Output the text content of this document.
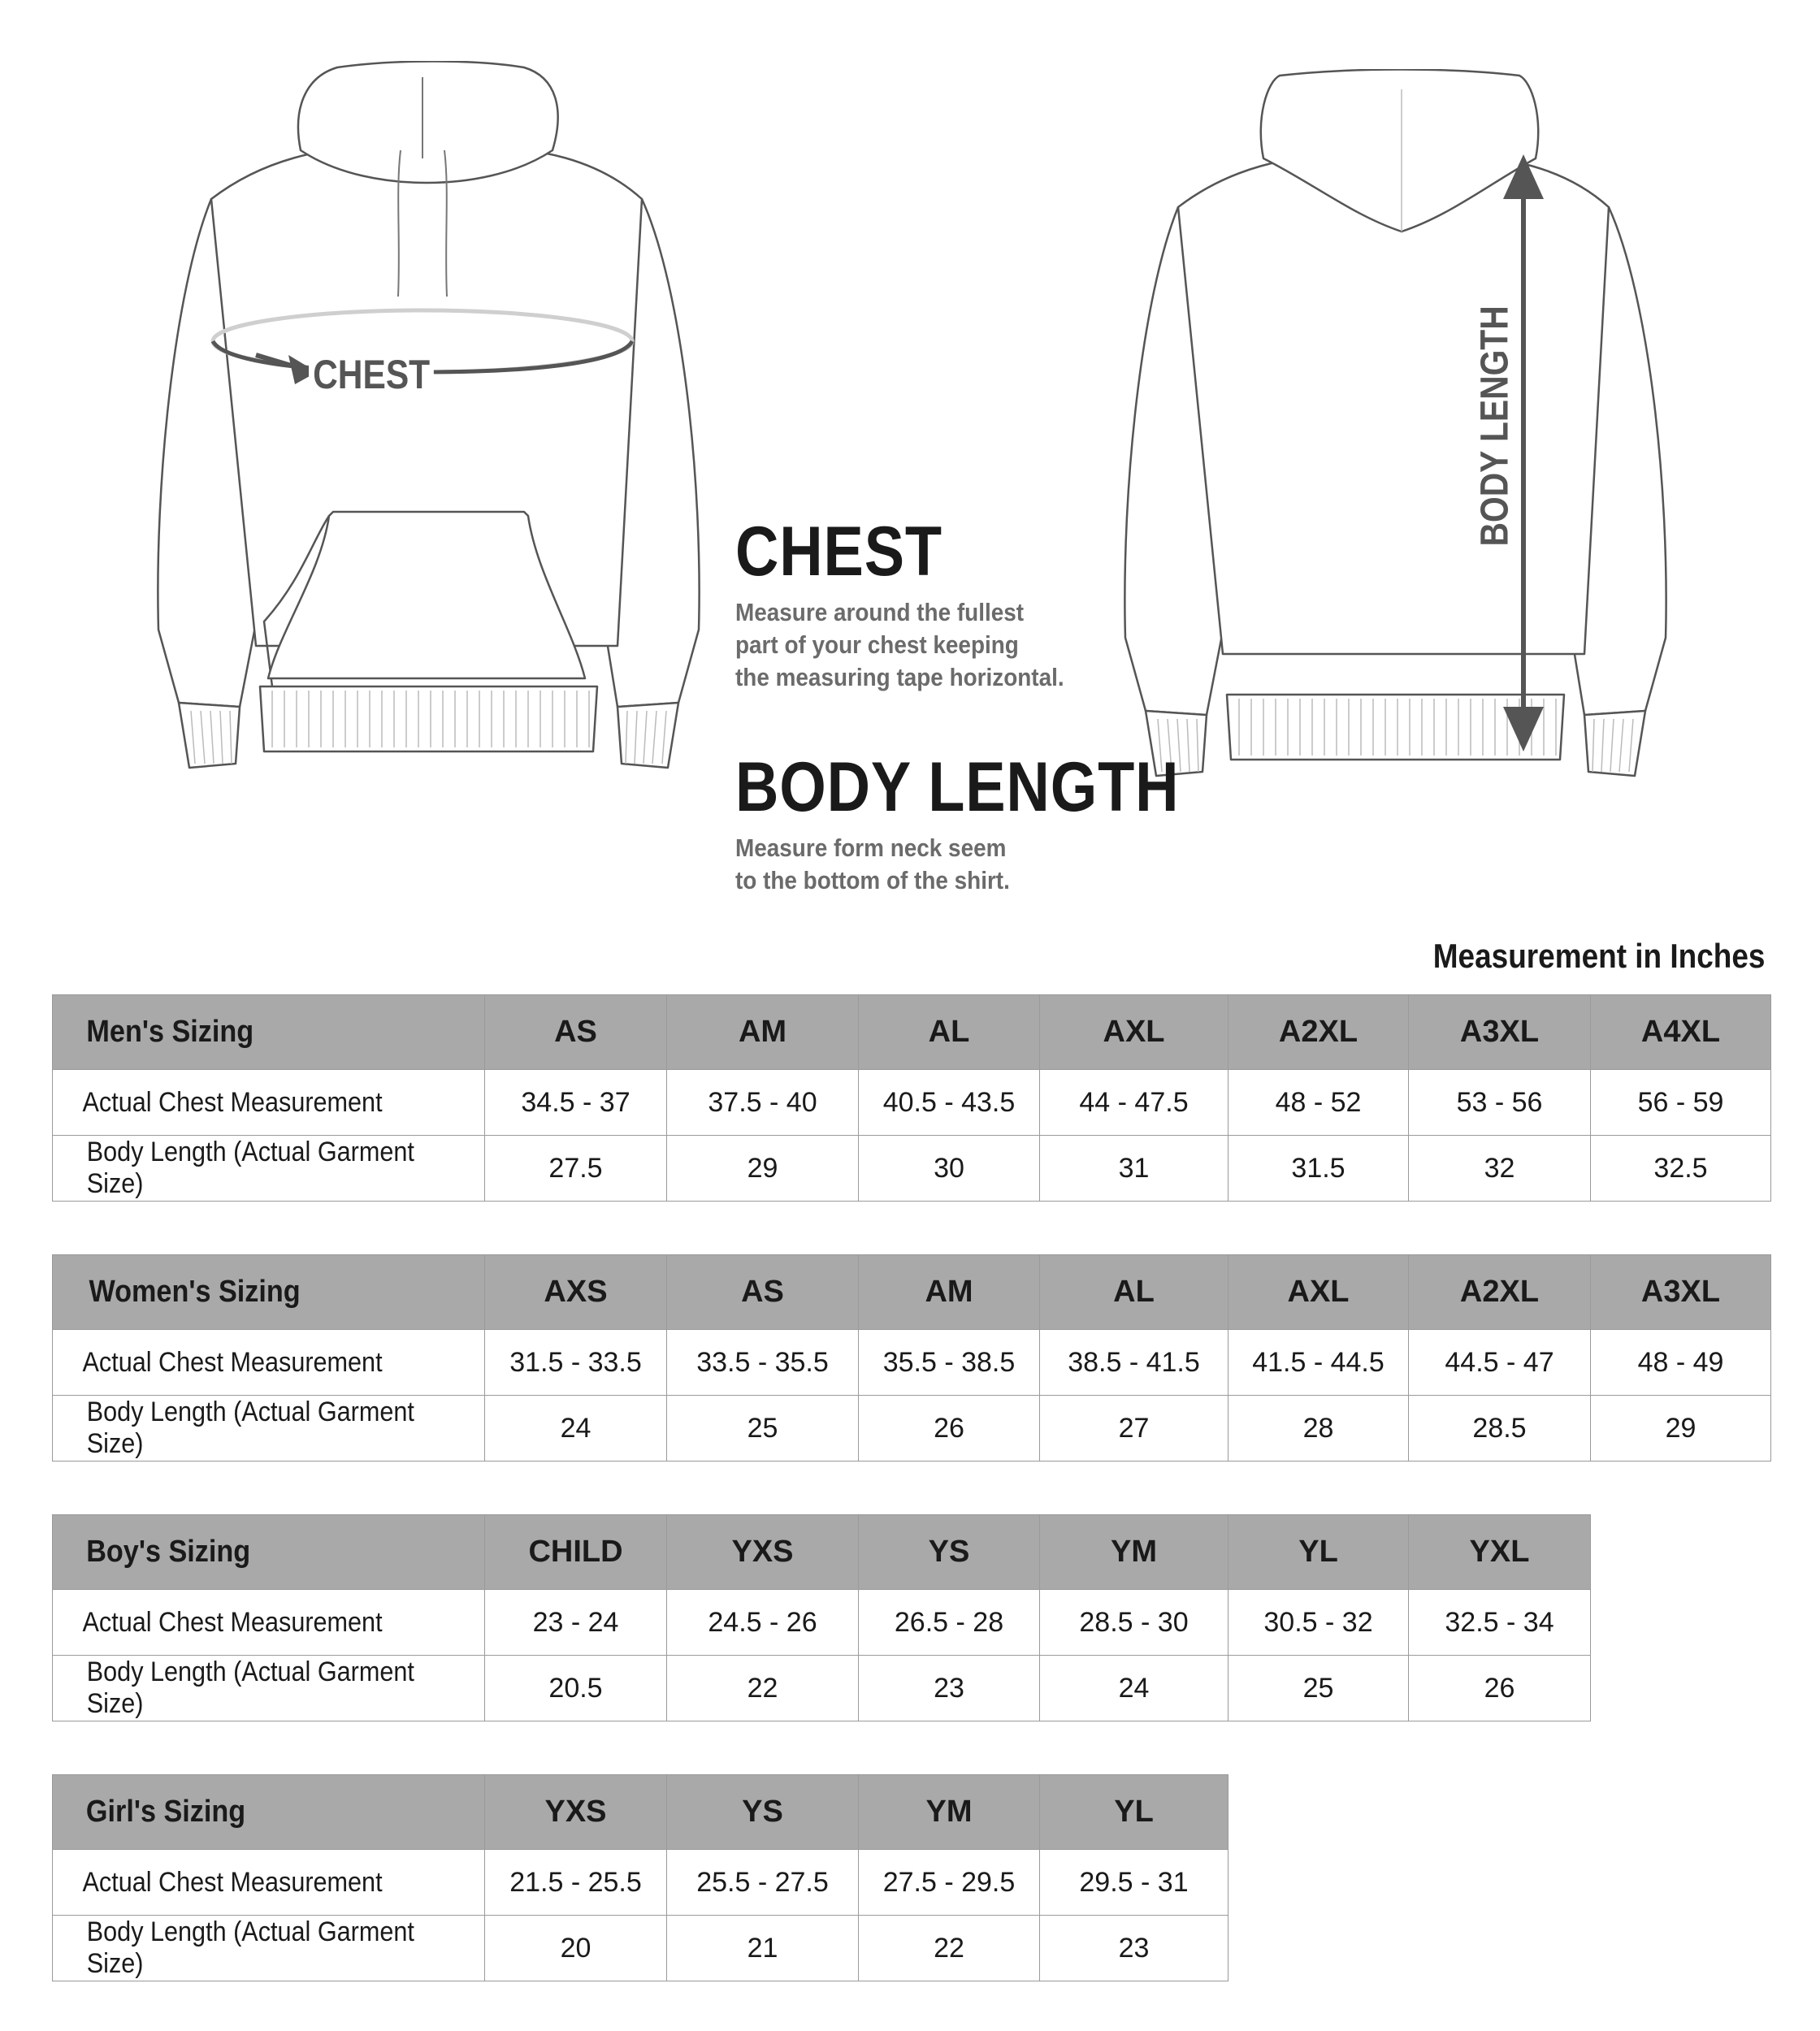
CHEST	BODY LENGTH
CHEST
Measure around the fullest
part of your chest keeping
the measuring tape horizontal.
BODY LENGTH
Measure form neck seem
to the bottom of the shirt.
Measurement in Inches
Men's Sizing	AS	AM	AL	AXL	A2XL	A3XL	A4XL
Actual Chest Measurement	34.5 - 37	37.5 - 40	40.5 - 43.5	44 - 47.5	48 - 52	53 - 56	56 - 59
Body Length (Actual Garment Size)	27.5	29	30	31	31.5	32	32.5
Women's Sizing	AXS	AS	AM	AL	AXL	A2XL	A3XL
Actual Chest Measurement	31.5 - 33.5	33.5 - 35.5	35.5 - 38.5	38.5 - 41.5	41.5 - 44.5	44.5 - 47	48 - 49
Body Length (Actual Garment Size)	24	25	26	27	28	28.5	29
Boy's Sizing	CHILD	YXS	YS	YM	YL	YXL
Actual Chest Measurement	23 - 24	24.5 - 26	26.5 - 28	28.5 - 30	30.5 - 32	32.5 - 34
Body Length (Actual Garment Size)	20.5	22	23	24	25	26
Girl's Sizing	YXS	YS	YM	YL
Actual Chest Measurement	21.5 - 25.5	25.5 - 27.5	27.5 - 29.5	29.5 - 31
Body Length (Actual Garment Size)	20	21	22	23
